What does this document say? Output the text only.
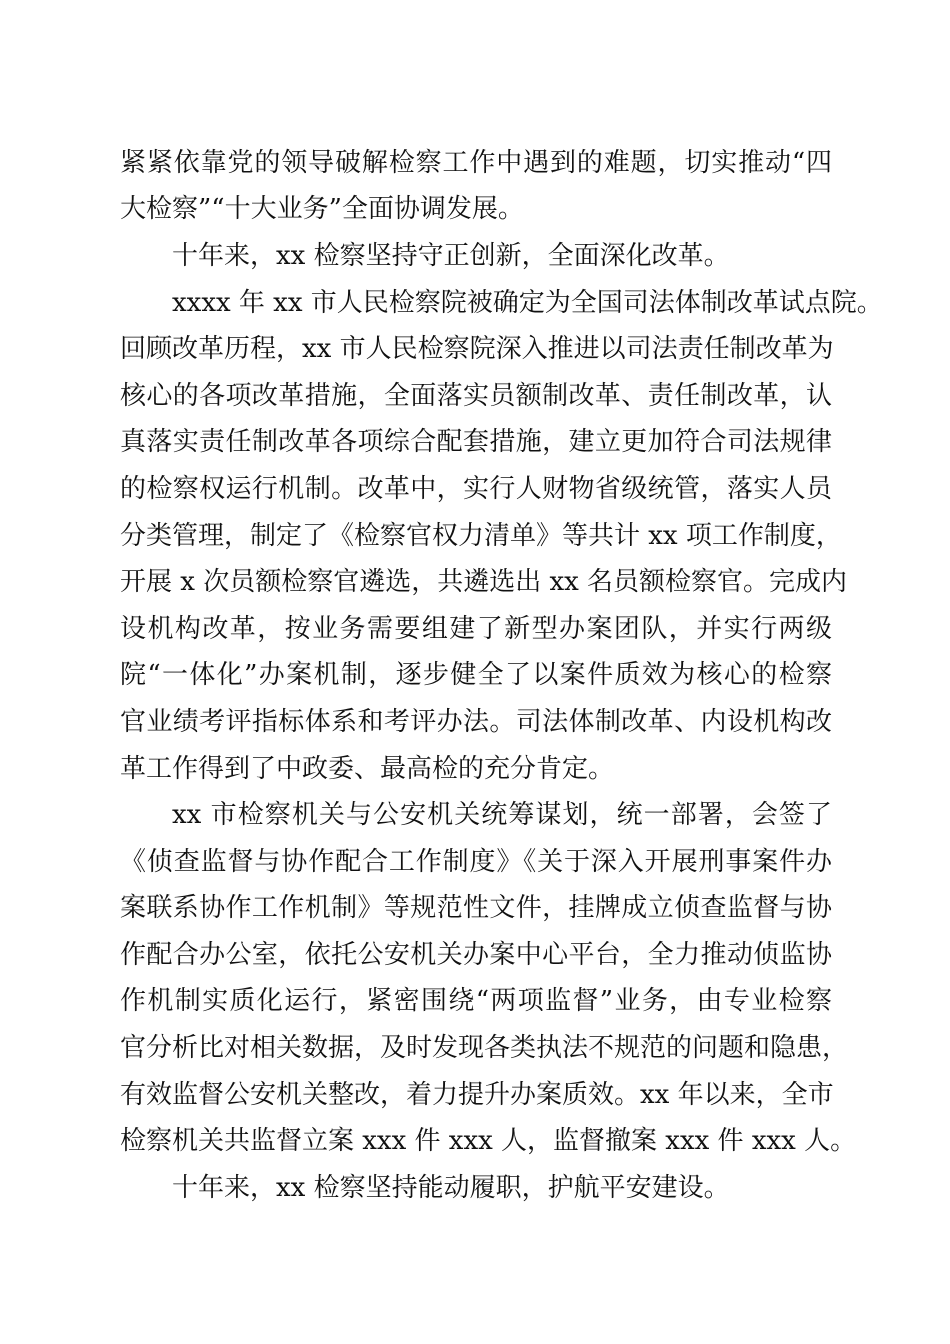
紧紧依靠党的领导破解检察工作中遇到的难题，切实推动“四
大检察”“十大业务”全面协调发展。
十年来，xx 检察坚持守正创新，全面深化改革。
xxxx 年 xx 市人民检察院被确定为全国司法体制改革试点院。
回顾改革历程，xx 市人民检察院深入推进以司法责任制改革为
核心的各项改革措施，全面落实员额制改革、责任制改革，认
真落实责任制改革各项综合配套措施，建立更加符合司法规律
的检察权运行机制。改革中，实行人财物省级统管，落实人员
分类管理，制定了《检察官权力清单》等共计 xx 项工作制度，
开展 x 次员额检察官遴选，共遴选出 xx 名员额检察官。完成内
设机构改革，按业务需要组建了新型办案团队，并实行两级
院“一体化”办案机制，逐步健全了以案件质效为核心的检察
官业绩考评指标体系和考评办法。司法体制改革、内设机构改
革工作得到了中政委、最高检的充分肯定。
xx 市检察机关与公安机关统筹谋划，统一部署，会签了
《侦查监督与协作配合工作制度》《关于深入开展刑事案件办
案联系协作工作机制》等规范性文件，挂牌成立侦查监督与协
作配合办公室，依托公安机关办案中心平台，全力推动侦监协
作机制实质化运行，紧密围绕“两项监督”业务，由专业检察
官分析比对相关数据，及时发现各类执法不规范的问题和隐患，
有效监督公安机关整改，着力提升办案质效。xx 年以来，全市
检察机关共监督立案 xxx 件 xxx 人，监督撤案 xxx 件 xxx 人。
十年来，xx 检察坚持能动履职，护航平安建设。
